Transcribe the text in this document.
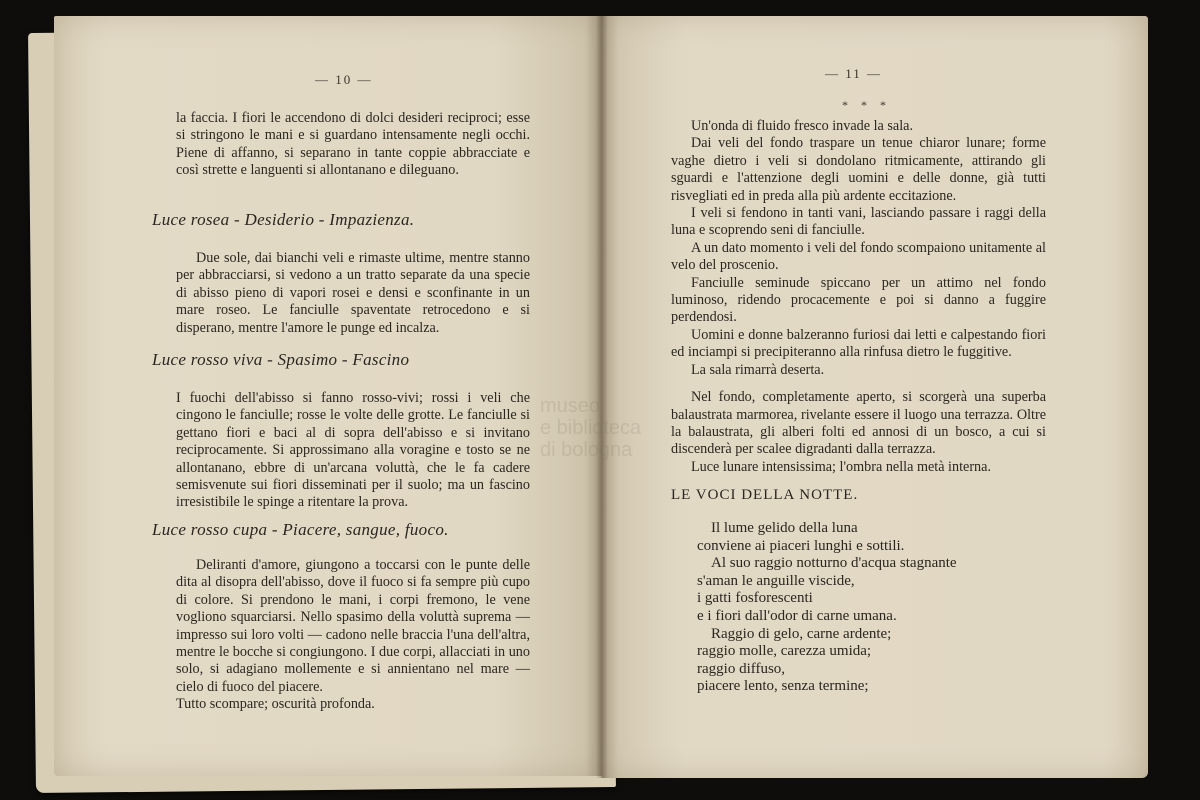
— 10 —

la faccia. I fiori le accendono di dolci desideri reciproci; esse si stringono le mani e si guardano intensamente negli occhi. Piene di affanno, si separano in tante coppie abbracciate e così strette e languenti si allontanano e dileguano.

Luce rosea - Desiderio - Impazienza.

Due sole, dai bianchi veli e rimaste ultime, mentre stanno per abbracciarsi, si vedono a un tratto separate da una specie di abisso pieno di vapori rosei e densi e sconfinante in un mare roseo. Le fanciulle spaventate retrocedono e si disperano, mentre l'amore le punge ed incalza.

Luce rosso viva - Spasimo - Fascino

I fuochi dell'abisso si fanno rosso-vivi; rossi i veli che cingono le fanciulle; rosse le volte delle grotte. Le fanciulle si gettano fiori e baci al di sopra dell'abisso e si invitano reciprocamente. Si approssimano alla voragine e tosto se ne allontanano, ebbre di un'arcana voluttà, che le fa cadere semisvenute sui fiori disseminati per il suolo; ma un fascino irresistibile le spinge a ritentare la prova.

Luce rosso cupa - Piacere, sangue, fuoco.

Deliranti d'amore, giungono a toccarsi con le punte delle dita al disopra dell'abisso, dove il fuoco si fa sempre più cupo di colore. Si prendono le mani, i corpi fremono, le vene vogliono squarciarsi. Nello spasimo della voluttà suprema — impresso sui loro volti — cadono nelle braccia l'una dell'altra, mentre le bocche si congiungono. I due corpi, allacciati in uno solo, si adagiano mollemente e si annientano nel mare — cielo di fuoco del piacere.

Tutto scompare; oscurità profonda.

— 11 —
* * *

Un'onda di fluido fresco invade la sala.

Dai veli del fondo traspare un tenue chiaror lunare; forme vaghe dietro i veli si dondolano ritmicamente, attirando gli sguardi e l'attenzione degli uomini e delle donne, già tutti risvegliati ed in preda alla più ardente eccitazione.

I veli si fendono in tanti vani, lasciando passare i raggi della luna e scoprendo seni di fanciulle.

A un dato momento i veli del fondo scompaiono unitamente al velo del proscenio.

Fanciulle seminude spiccano per un attimo nel fondo luminoso, ridendo procacemente e poi si danno a fuggire perdendosi.

Uomini e donne balzeranno furiosi dai letti e calpestando fiori ed inciampi si precipiteranno alla rinfusa dietro le fuggitive.

La sala rimarrà deserta.

Nel fondo, completamente aperto, si scorgerà una superba balaustrata marmorea, rivelante essere il luogo una terrazza. Oltre la balaustrata, gli alberi folti ed annosi di un bosco, a cui si discenderà per scalee digradanti dalla terrazza.

Luce lunare intensissima; l'ombra nella metà interna.

LE VOCI DELLA NOTTE.
Il lume gelido della luna
conviene ai piaceri lunghi e sottili.
Al suo raggio notturno d'acqua stagnante
s'aman le anguille viscide,
i gatti fosforescenti
e i fiori dall'odor di carne umana.
Raggio di gelo, carne ardente;
raggio molle, carezza umida;
raggio diffuso,
piacere lento, senza termine;
